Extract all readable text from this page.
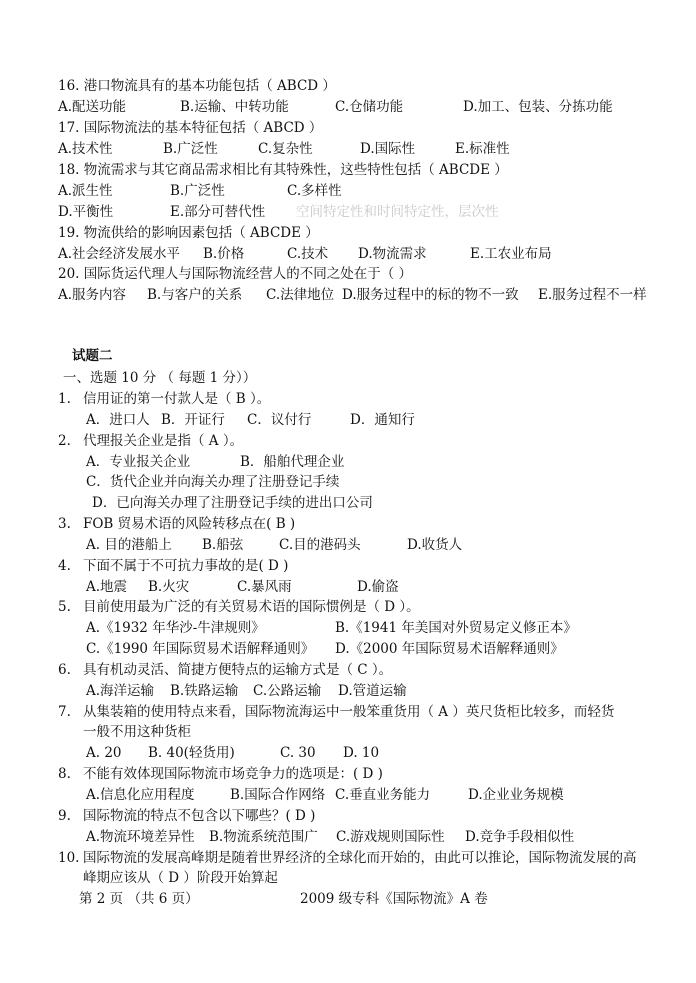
16. 港口物流具有的基本功能包括（ ABCD ）
A.配送功能	B.运输、中转功能	C.仓储功能	D.加工、包装、分拣功能
17. 国际物流法的基本特征包括（ ABCD ）
A.技术性	B.广泛性	C.复杂性	D.国际性	E.标准性
18. 物流需求与其它商品需求相比有其特殊性，这些特性包括（ ABCDE ）
A.派生性	B.广泛性	C.多样性
D.平衡性	E.部分可替代性 空间特定性和时间特定性，层次性
19. 物流供给的影响因素包括（ ABCDE ）
A.社会经济发展水平 B.价格	C.技术 D.物流需求	E.工农业布局
20. 国际货运代理人与国际物流经营人的不同之处在于（ ）
A.服务内容 B.与客户的关系 C.法律地位 D.服务过程中的标的物不一致 E.服务过程不一样
试题二
一、选题 10 分 （ 每题 1 分））
1. 信用证的第一付款人是（ B ）。
A．进口人 B．开证行 C．议付行	D．通知行
2. 代理报关企业是指（ A ）。
A．专业报关企业	B．船舶代理企业
C．货代企业并向海关办理了注册登记手续
D．已向海关办理了注册登记手续的进出口公司
3. FOB 贸易术语的风险转移点在( B )
A. 目的港船上 B.船弦	C.目的港码头	D.收货人
4. 下面不属于不可抗力事故的是( D )
A.地震 B.火灾	C.暴风雨	D.偷盗
5. 目前使用最为广泛的有关贸易术语的国际惯例是（ D ）。
A.《1932 年华沙-牛津规则》	B.《1941 年美国对外贸易定义修正本》
C.《1990 年国际贸易术语解释通则》 D.《2000 年国际贸易术语解释通则》
6. 具有机动灵活、简捷方便特点的运输方式是（ C ）。
A.海洋运输 B.铁路运输 C.公路运输 D.管道运输
7. 从集装箱的使用特点来看，国际物流海运中一般笨重货用（ A ）英尺货柜比较多，而轻货
一般不用这种货柜
A. 20 B. 40(轻货用)	C. 30 D. 10
8. 不能有效体现国际物流市场竞争力的选项是：( D )
A.信息化应用程度	B.国际合作网络 C.垂直业务能力	D.企业业务规模
9. 国际物流的特点不包含以下哪些？( D )
A.物流环境差异性 B.物流系统范围广 C.游戏规则国际性 D.竞争手段相似性
10. 国际物流的发展高峰期是随着世界经济的全球化而开始的，由此可以推论，国际物流发展的高
峰期应该从（ D ）阶段开始算起
第 2 页 （共 6 页）	2009 级专科《国际物流》A 卷
